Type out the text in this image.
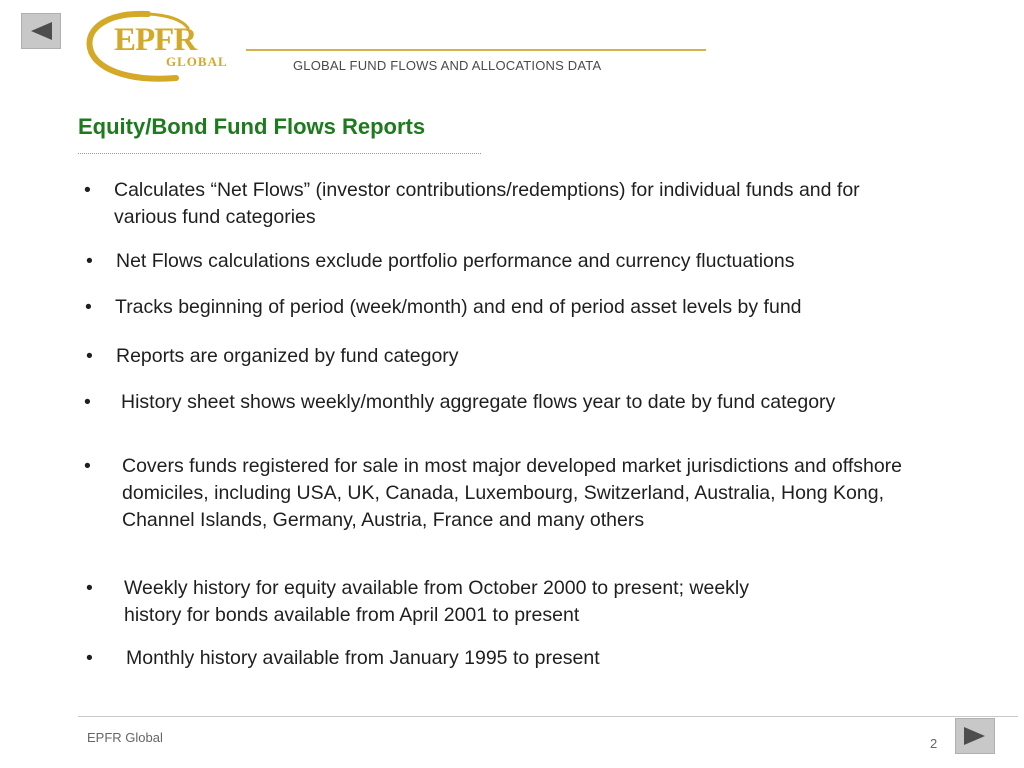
EPFR
GLOBAL	GLOBAL FUND FLOWS AND ALLOCATIONS DATA
Equity/Bond Fund Flows Reports
•	Calculates “Net Flows” (investor contributions/redemptions) for individual funds and for various fund categories
•	Net Flows calculations exclude portfolio performance and currency fluctuations
•	Tracks beginning of period (week/month) and end of period asset levels by fund
•	Reports are organized by fund category
•	History sheet shows weekly/monthly aggregate flows year to date by fund category
•	Covers funds registered for sale in most major developed market jurisdictions and offshore domiciles, including USA, UK, Canada, Luxembourg, Switzerland, Australia, Hong Kong, Channel Islands, Germany, Austria, France and many others
•	Weekly history for equity available from October 2000 to present; weekly history for bonds available from April 2001 to present
•	Monthly history available from January 1995 to present
EPFR Global	2
